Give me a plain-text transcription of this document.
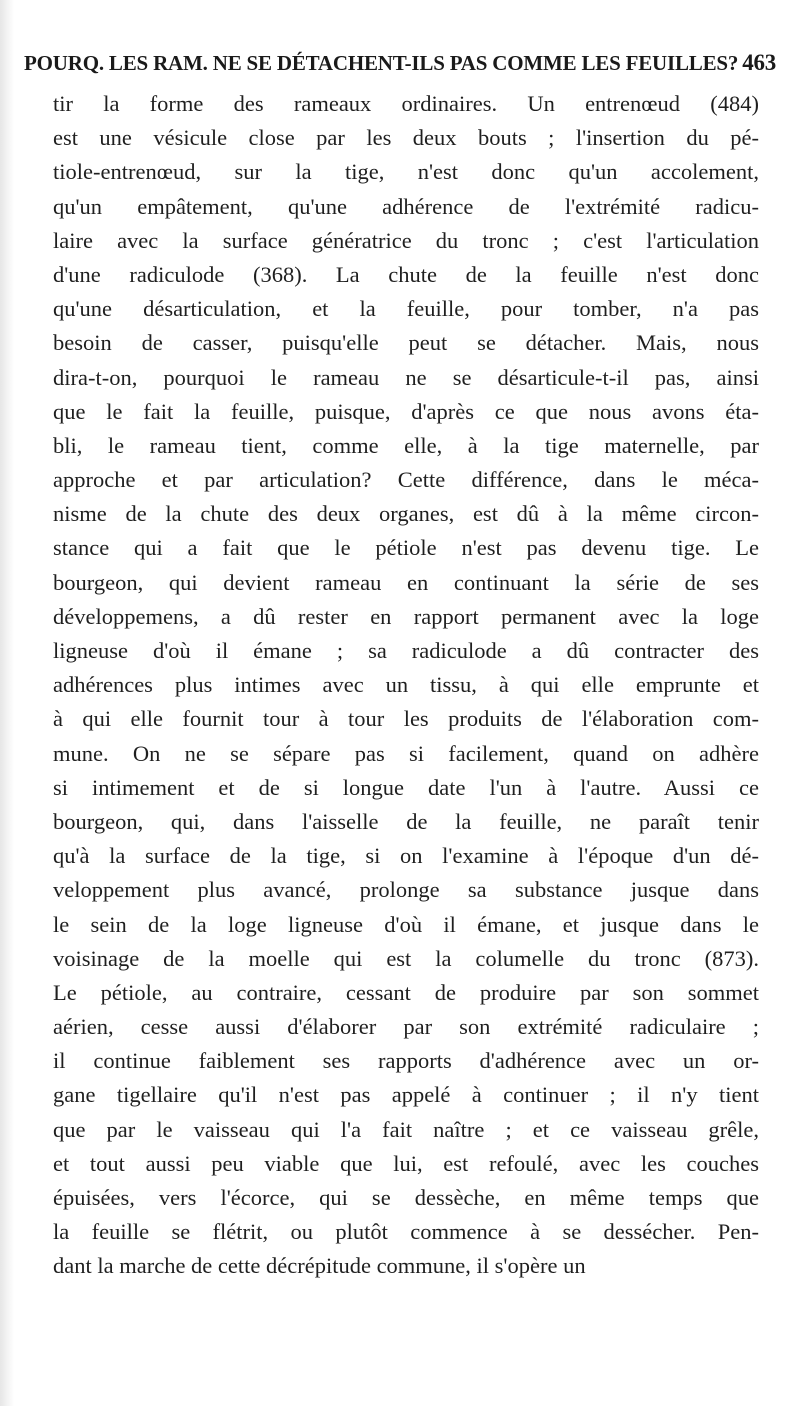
POURQ. LES RAM. NE SE DÉTACHENT-ILS PAS COMME LES FEUILLES? 463
tir la forme des rameaux ordinaires. Un entrenœud (484)
est une vésicule close par les deux bouts ; l'insertion du pé-
tiole-entrenœud, sur la tige, n'est donc qu'un accolement,
qu'un empâtement, qu'une adhérence de l'extrémité radicu-
laire avec la surface génératrice du tronc ; c'est l'articulation
d'une radiculode (368). La chute de la feuille n'est donc
qu'une désarticulation, et la feuille, pour tomber, n'a pas
besoin de casser, puisqu'elle peut se détacher. Mais, nous
dira-t-on, pourquoi le rameau ne se désarticule-t-il pas, ainsi
que le fait la feuille, puisque, d'après ce que nous avons éta-
bli, le rameau tient, comme elle, à la tige maternelle, par
approche et par articulation? Cette différence, dans le méca-
nisme de la chute des deux organes, est dû à la même circon-
stance qui a fait que le pétiole n'est pas devenu tige. Le
bourgeon, qui devient rameau en continuant la série de ses
développemens, a dû rester en rapport permanent avec la loge
ligneuse d'où il émane ; sa radiculode a dû contracter des
adhérences plus intimes avec un tissu, à qui elle emprunte et
à qui elle fournit tour à tour les produits de l'élaboration com-
mune. On ne se sépare pas si facilement, quand on adhère
si intimement et de si longue date l'un à l'autre. Aussi ce
bourgeon, qui, dans l'aisselle de la feuille, ne paraît tenir
qu'à la surface de la tige, si on l'examine à l'époque d'un dé-
veloppement plus avancé, prolonge sa substance jusque dans
le sein de la loge ligneuse d'où il émane, et jusque dans le
voisinage de la moelle qui est la columelle du tronc (873).
Le pétiole, au contraire, cessant de produire par son sommet
aérien, cesse aussi d'élaborer par son extrémité radiculaire ;
il continue faiblement ses rapports d'adhérence avec un or-
gane tigellaire qu'il n'est pas appelé à continuer ; il n'y tient
que par le vaisseau qui l'a fait naître ; et ce vaisseau grêle,
et tout aussi peu viable que lui, est refoulé, avec les couches
épuisées, vers l'écorce, qui se dessèche, en même temps que
la feuille se flétrit, ou plutôt commence à se dessécher. Pen-
dant la marche de cette décrépitude commune, il s'opère un
